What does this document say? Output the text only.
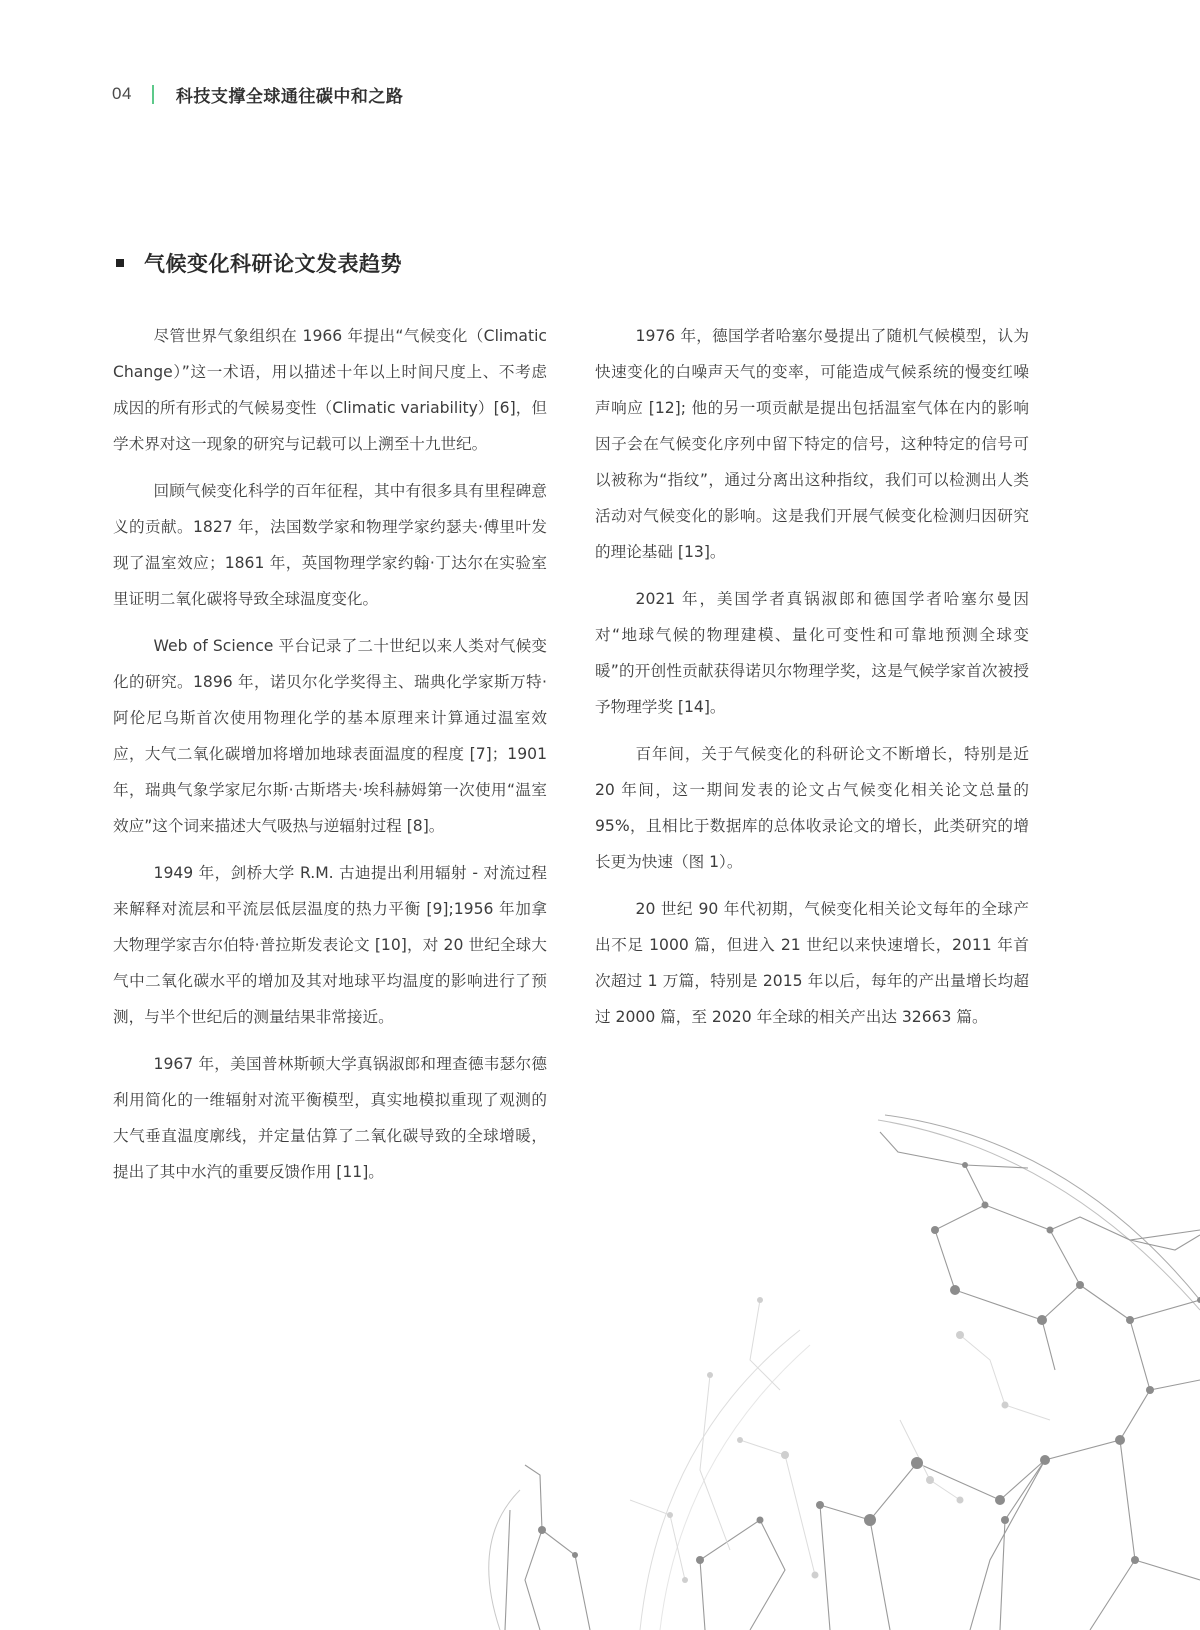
04	科技支撑全球通往碳中和之路
气候变化科研论文发表趋势

尽管世界气象组织在 1966 年提出“气候变化（Climatic Change）”这一术语，用以描述十年以上时间尺度上、不考虑成因的所有形式的气候易变性（Climatic variability）[6]，但学术界对这一现象的研究与记载可以上溯至十九世纪。

回顾气候变化科学的百年征程，其中有很多具有里程碑意义的贡献。1827 年，法国数学家和物理学家约瑟夫·傅里叶发现了温室效应；1861 年，英国物理学家约翰·丁达尔在实验室里证明二氧化碳将导致全球温度变化。

Web of Science 平台记录了二十世纪以来人类对气候变化的研究。1896 年，诺贝尔化学奖得主、瑞典化学家斯万特·阿伦尼乌斯首次使用物理化学的基本原理来计算通过温室效应，大气二氧化碳增加将增加地球表面温度的程度 [7]；1901 年，瑞典气象学家尼尔斯·古斯塔夫·埃科赫姆第一次使用“温室效应”这个词来描述大气吸热与逆辐射过程 [8]。

1949 年，剑桥大学 R.M. 古迪提出利用辐射 - 对流过程来解释对流层和平流层低层温度的热力平衡 [9];1956 年加拿大物理学家吉尔伯特·普拉斯发表论文 [10]，对 20 世纪全球大气中二氧化碳水平的增加及其对地球平均温度的影响进行了预测，与半个世纪后的测量结果非常接近。

1967 年，美国普林斯顿大学真锅淑郎和理查德韦瑟尔德利用简化的一维辐射对流平衡模型，真实地模拟重现了观测的大气垂直温度廓线，并定量估算了二氧化碳导致的全球增暖，提出了其中水汽的重要反馈作用 [11]。

1976 年，德国学者哈塞尔曼提出了随机气候模型，认为快速变化的白噪声天气的变率，可能造成气候系统的慢变红噪声响应 [12]; 他的另一项贡献是提出包括温室气体在内的影响因子会在气候变化序列中留下特定的信号，这种特定的信号可以被称为“指纹”，通过分离出这种指纹，我们可以检测出人类活动对气候变化的影响。这是我们开展气候变化检测归因研究的理论基础 [13]。

2021 年，美国学者真锅淑郎和德国学者哈塞尔曼因对“地球气候的物理建模、量化可变性和可靠地预测全球变暖”的开创性贡献获得诺贝尔物理学奖，这是气候学家首次被授予物理学奖 [14]。

百年间，关于气候变化的科研论文不断增长，特别是近 20 年间，这一期间发表的论文占气候变化相关论文总量的 95%，且相比于数据库的总体收录论文的增长，此类研究的增长更为快速（图 1）。

20 世纪 90 年代初期，气候变化相关论文每年的全球产出不足 1000 篇，但进入 21 世纪以来快速增长，2011 年首次超过 1 万篇，特别是 2015 年以后，每年的产出量增长均超过 2000 篇，至 2020 年全球的相关产出达 32663 篇。
